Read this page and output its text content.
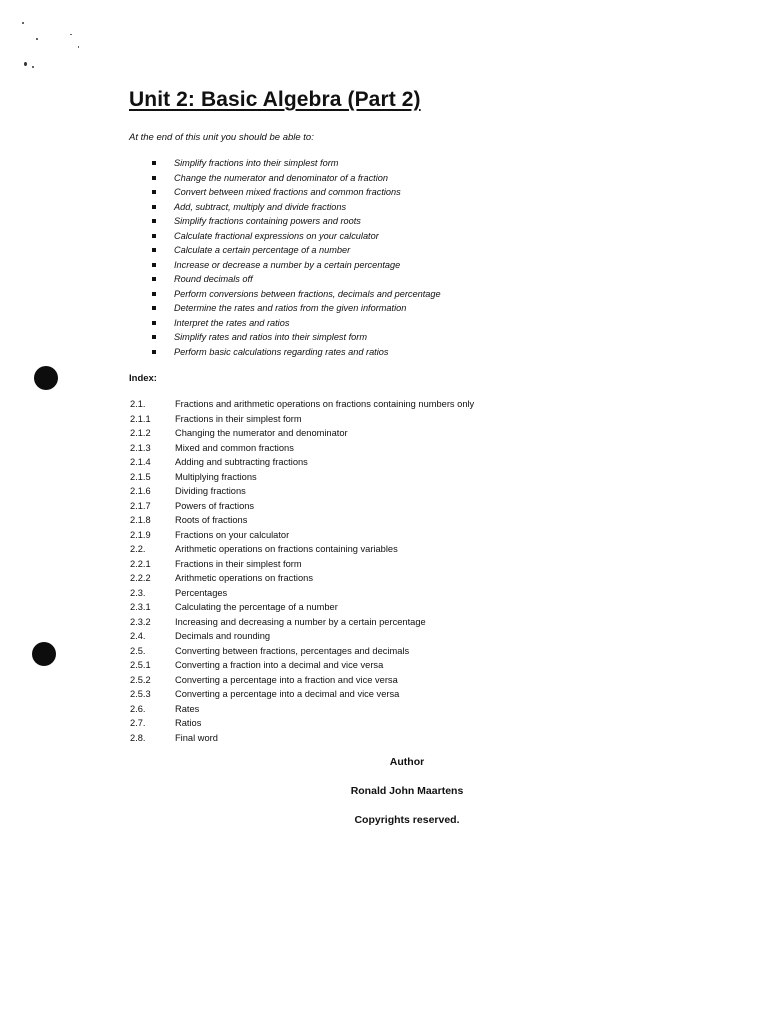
Unit 2: Basic Algebra (Part 2)
At the end of this unit you should be able to:
Simplify fractions into their simplest form
Change the numerator and denominator of a fraction
Convert between mixed fractions and common fractions
Add, subtract, multiply and divide fractions
Simplify fractions containing powers and roots
Calculate fractional expressions on your calculator
Calculate a certain percentage of a number
Increase or decrease a number by a certain percentage
Round decimals off
Perform conversions between fractions, decimals and percentage
Determine the rates and ratios from the given information
Interpret the rates and ratios
Simplify rates and ratios into their simplest form
Perform basic calculations regarding rates and ratios
Index:
2.1.	Fractions and arithmetic operations on fractions containing numbers only
2.1.1	Fractions in their simplest form
2.1.2	Changing the numerator and denominator
2.1.3	Mixed and common fractions
2.1.4	Adding and subtracting fractions
2.1.5	Multiplying fractions
2.1.6	Dividing fractions
2.1.7	Powers of fractions
2.1.8	Roots of fractions
2.1.9	Fractions on your calculator
2.2.	Arithmetic operations on fractions containing variables
2.2.1	Fractions in their simplest form
2.2.2	Arithmetic operations on fractions
2.3.	Percentages
2.3.1	Calculating the percentage of a number
2.3.2	Increasing and decreasing a number by a certain percentage
2.4.	Decimals and rounding
2.5.	Converting between fractions, percentages and decimals
2.5.1	Converting a fraction into a decimal and vice versa
2.5.2	Converting a percentage into a fraction and vice versa
2.5.3	Converting a percentage into a decimal and vice versa
2.6.	Rates
2.7.	Ratios
2.8.	Final word
Author
Ronald John Maartens
Copyrights reserved.
